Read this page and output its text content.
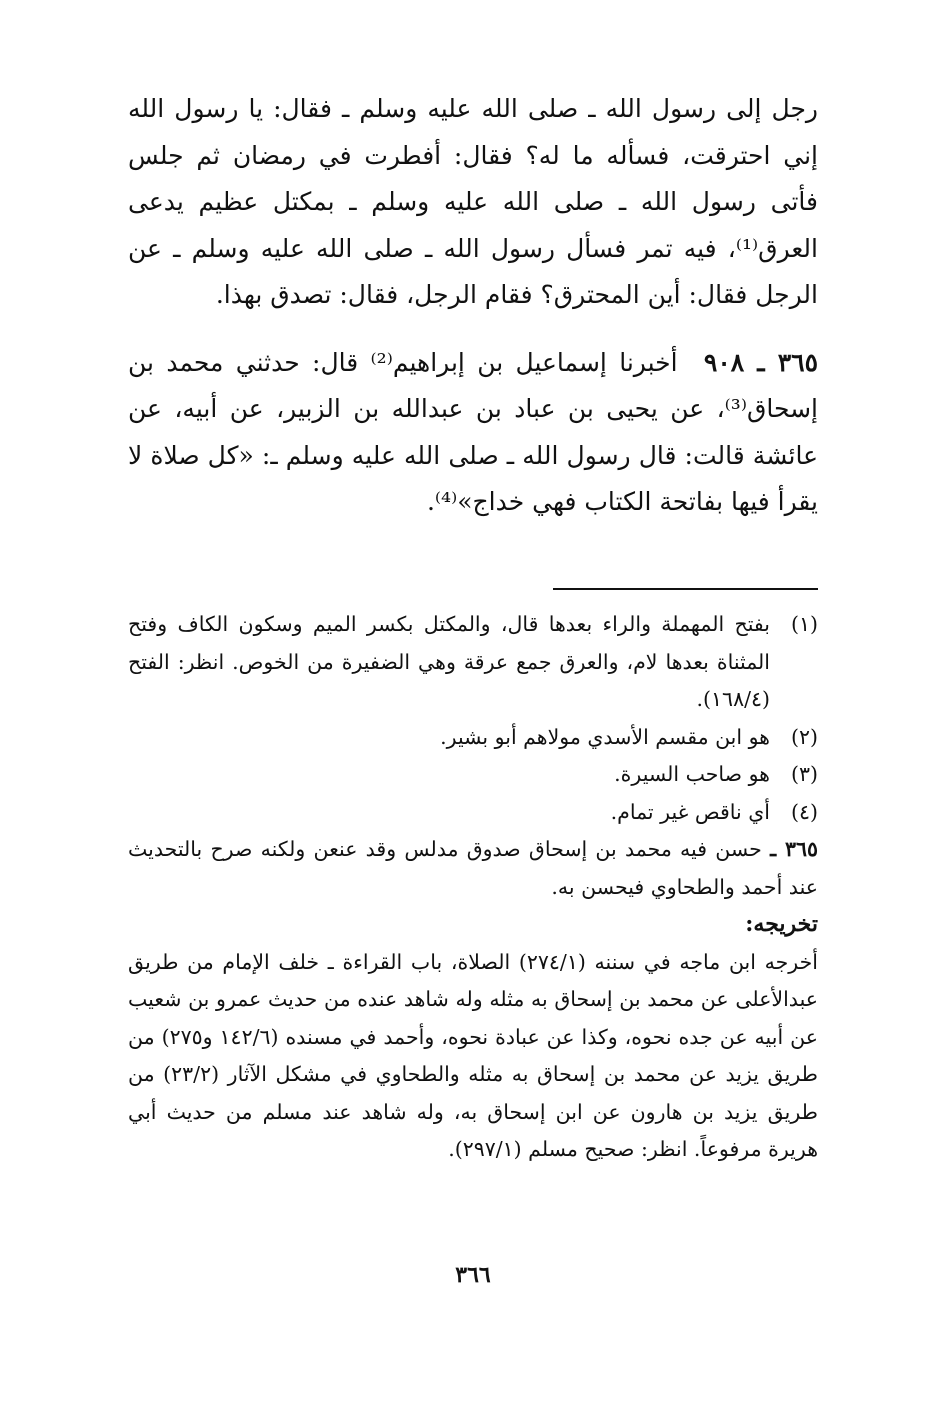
رجل إلى رسول الله ـ صلى الله عليه وسلم ـ فقال: يا رسول الله إني احترقت، فسأله ما له؟ فقال: أفطرت في رمضان ثم جلس فأتى رسول الله ـ صلى الله عليه وسلم ـ بمكتل عظيم يدعى العرق⁽¹⁾، فيه تمر فسأل رسول الله ـ صلى الله عليه وسلم ـ عن الرجل فقال: أين المحترق؟ فقام الرجل، فقال: تصدق بهذا.

٣٦٥ ـ ٩٠٨ أخبرنا إسماعيل بن إبراهيم⁽²⁾ قال: حدثني محمد بن إسحاق⁽³⁾، عن يحيى بن عباد بن عبدالله بن الزبير، عن أبيه، عن عائشة قالت: قال رسول الله ـ صلى الله عليه وسلم ـ: «كل صلاة لا يقرأ فيها بفاتحة الكتاب فهي خداج»⁽⁴⁾.

(١)
بفتح المهملة والراء بعدها قال، والمكتل بكسر الميم وسكون الكاف وفتح المثناة بعدها لام، والعرق جمع عرقة وهي الضفيرة من الخوص. انظر: الفتح (١٦٨/٤).
(٢)
هو ابن مقسم الأسدي مولاهم أبو بشير.
(٣)
هو صاحب السيرة.
(٤)
أي ناقص غير تمام.

٣٦٥ ـ حسن فيه محمد بن إسحاق صدوق مدلس وقد عنعن ولكنه صرح بالتحديث عند أحمد والطحاوي فيحسن به.

تخريجه:

أخرجه ابن ماجه في سننه (٢٧٤/١) الصلاة، باب القراءة ـ خلف الإمام من طريق عبدالأعلى عن محمد بن إسحاق به مثله وله شاهد عنده من حديث عمرو بن شعيب عن أبيه عن جده نحوه، وكذا عن عبادة نحوه، وأحمد في مسنده (١٤٢/٦ و٢٧٥) من طريق يزيد عن محمد بن إسحاق به مثله والطحاوي في مشكل الآثار (٢٣/٢) من طريق يزيد بن هارون عن ابن إسحاق به، وله شاهد عند مسلم من حديث أبي هريرة مرفوعاً. انظر: صحيح مسلم (٢٩٧/١).

٣٦٦
